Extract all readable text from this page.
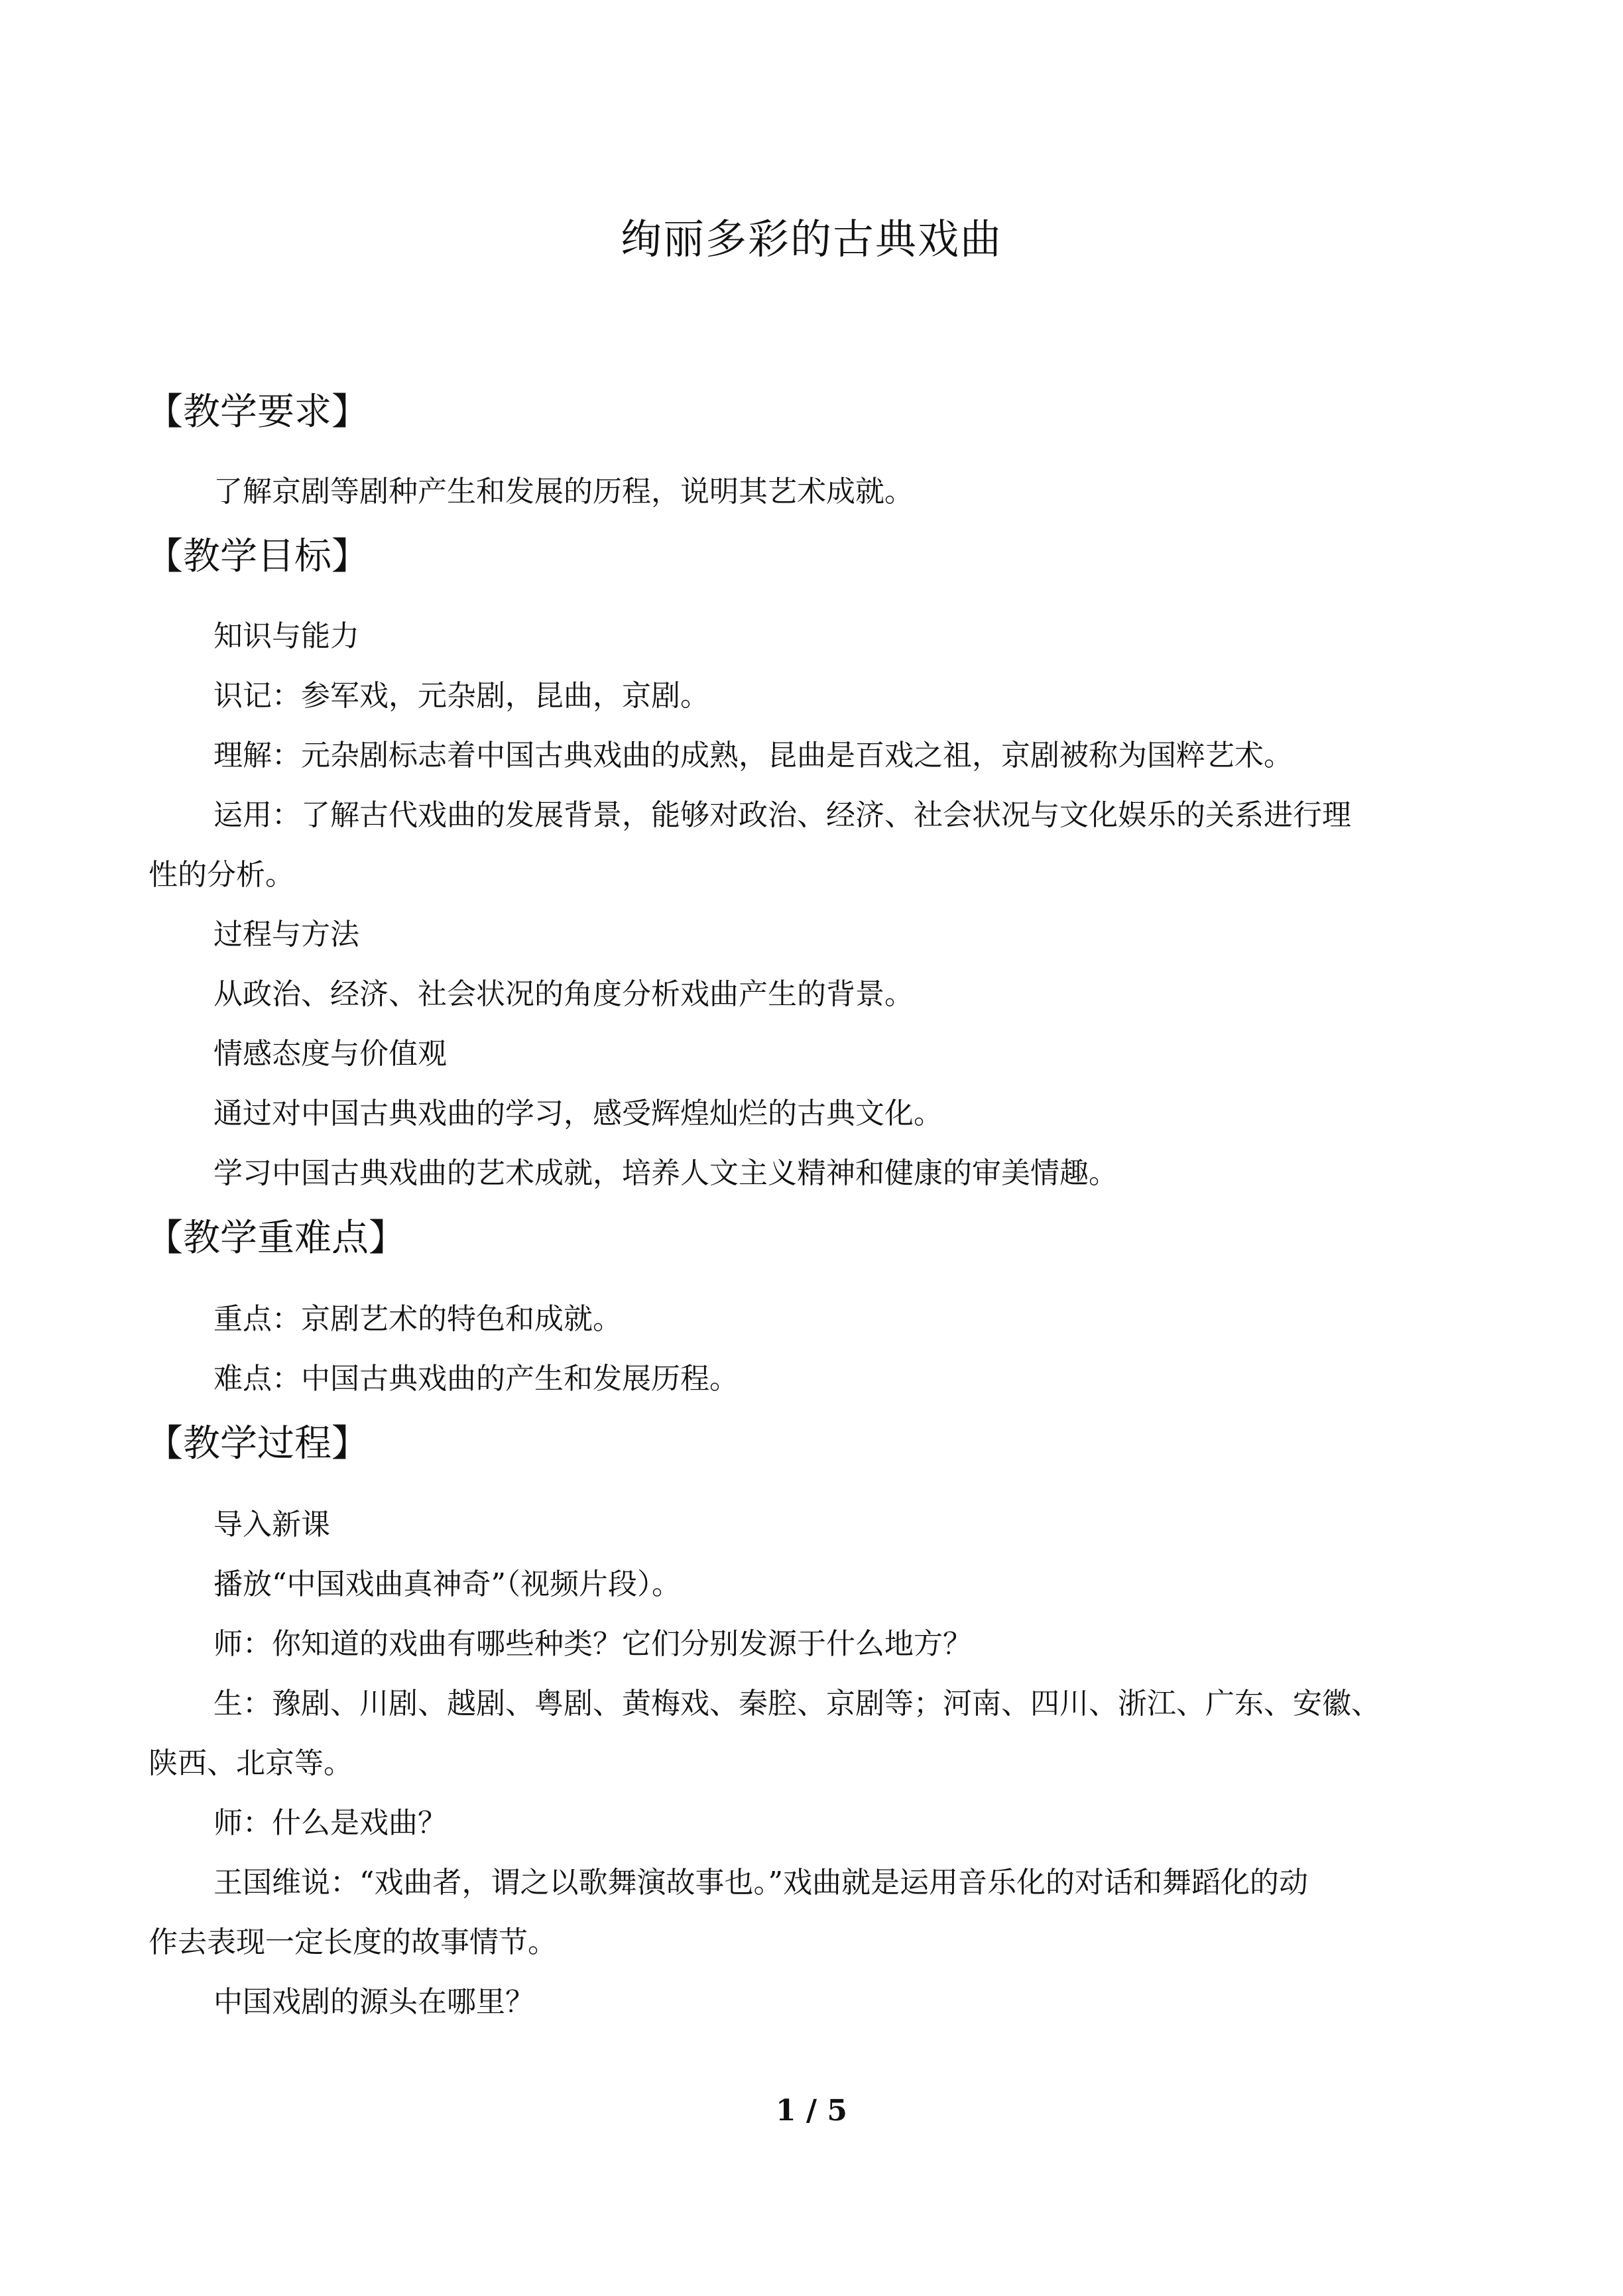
绚丽多彩的古典戏曲
【教学要求】

了解京剧等剧种产生和发展的历程，说明其艺术成就。

【教学目标】

知识与能力

识记：参军戏，元杂剧，昆曲，京剧。

理解：元杂剧标志着中国古典戏曲的成熟，昆曲是百戏之祖，京剧被称为国粹艺术。

运用：了解古代戏曲的发展背景，能够对政治、经济、社会状况与文化娱乐的关系进行理

性的分析。

过程与方法

从政治、经济、社会状况的角度分析戏曲产生的背景。

情感态度与价值观

通过对中国古典戏曲的学习，感受辉煌灿烂的古典文化。

学习中国古典戏曲的艺术成就，培养人文主义精神和健康的审美情趣。

【教学重难点】

重点：京剧艺术的特色和成就。

难点：中国古典戏曲的产生和发展历程。

【教学过程】

导入新课

播放“中国戏曲真神奇”（视频片段）。

师：你知道的戏曲有哪些种类？它们分别发源于什么地方？

生：豫剧、川剧、越剧、粤剧、黄梅戏、秦腔、京剧等；河南、四川、浙江、广东、安徽、

陕西、北京等。

师：什么是戏曲？

王国维说：“戏曲者，谓之以歌舞演故事也。”戏曲就是运用音乐化的对话和舞蹈化的动

作去表现一定长度的故事情节。

中国戏剧的源头在哪里？

1 / 5
